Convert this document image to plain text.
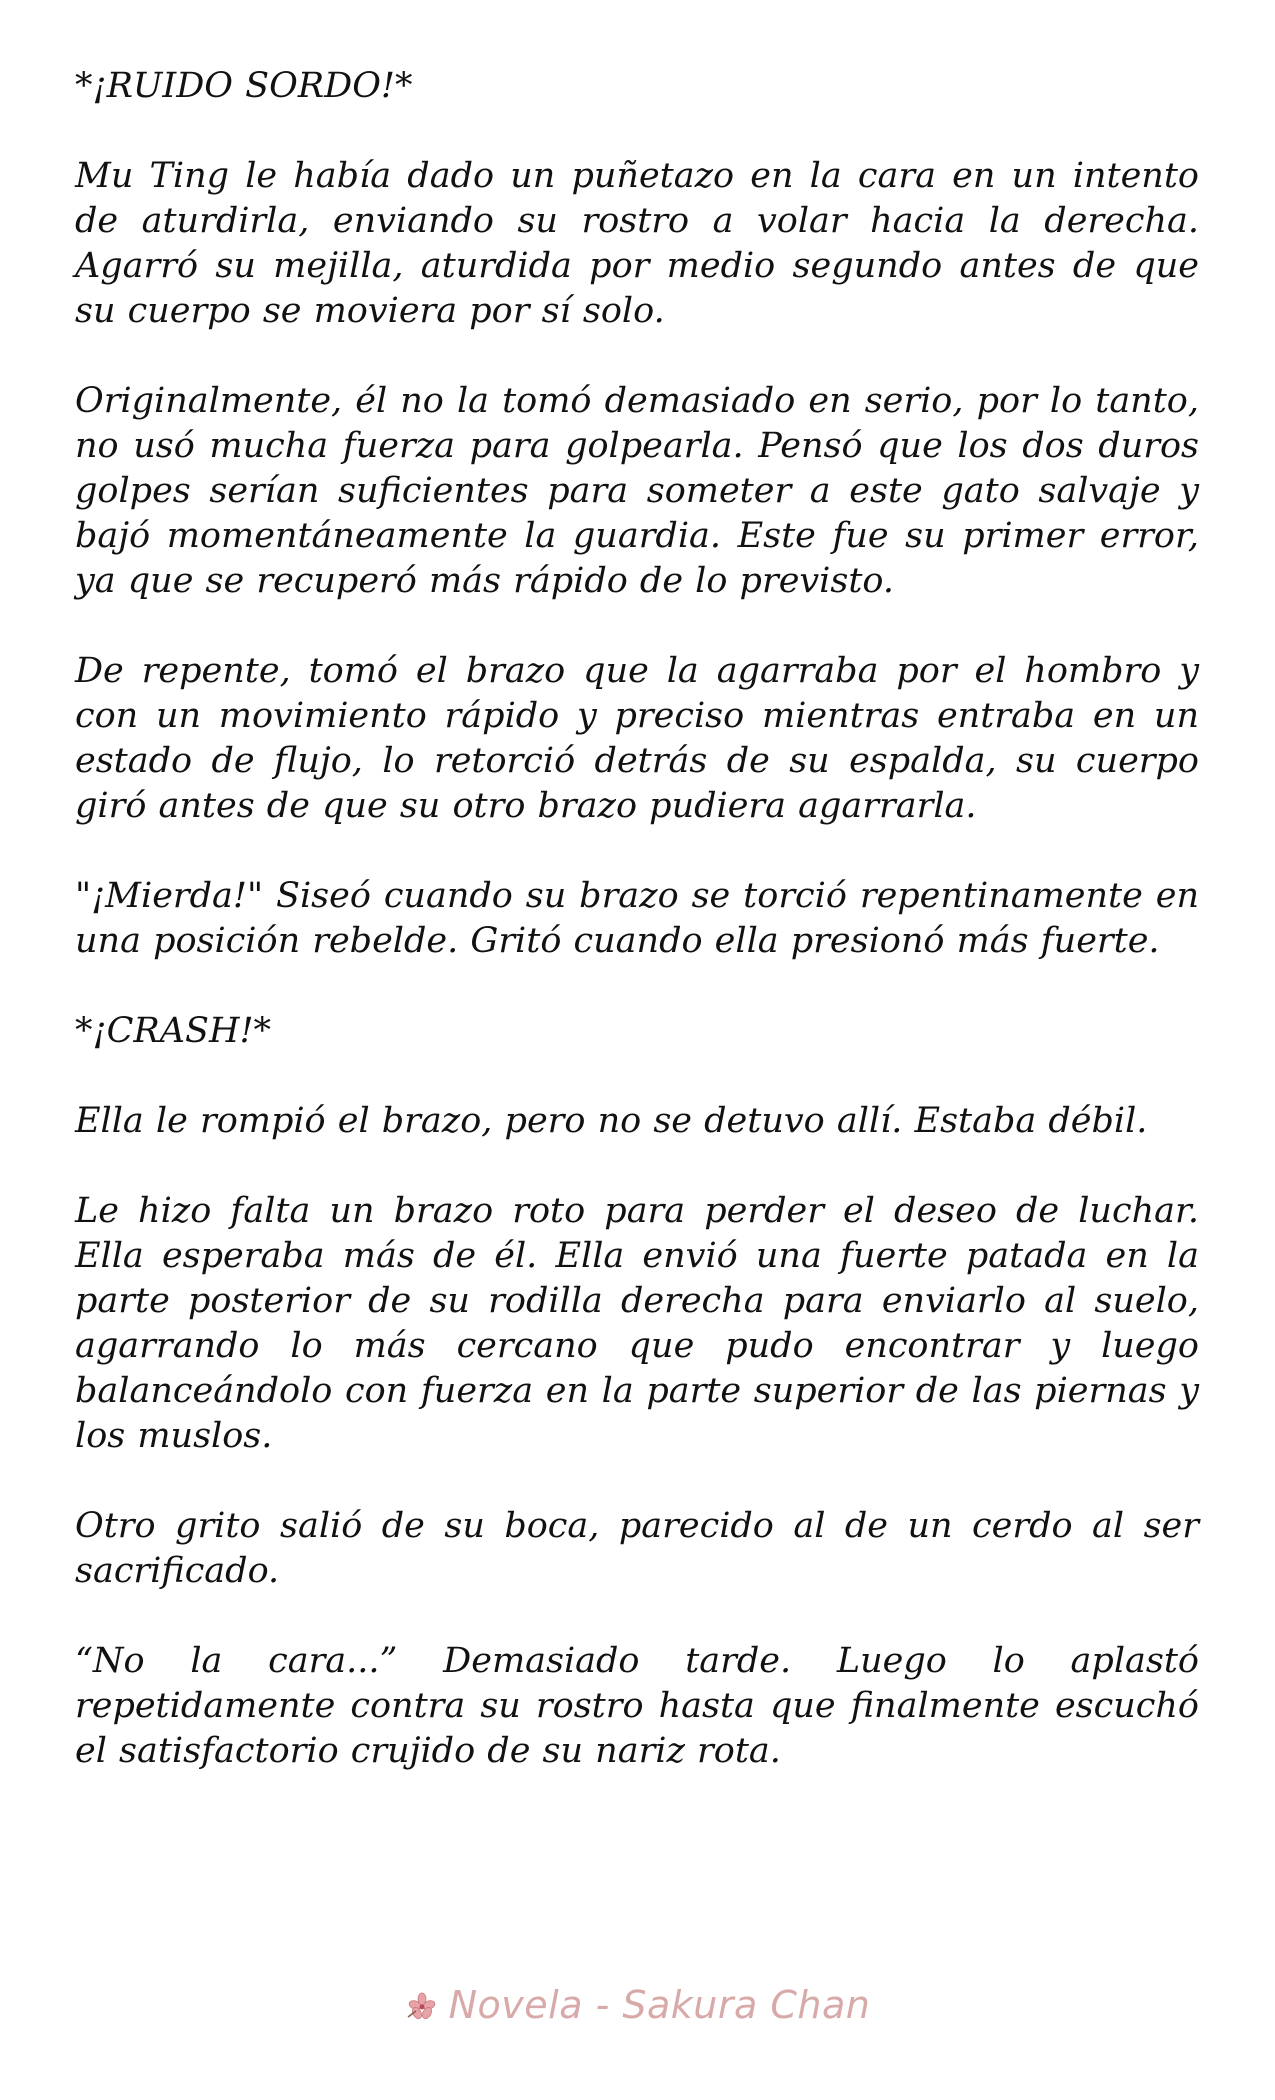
*¡RUIDO SORDO!*

Mu Ting le había dado un puñetazo en la cara en un intento de aturdirla, enviando su rostro a volar hacia la derecha. Agarró su mejilla, aturdida por medio segundo antes de que su cuerpo se moviera por sí solo.

Originalmente, él no la tomó demasiado en serio, por lo tanto, no usó mucha fuerza para golpearla. Pensó que los dos duros golpes serían suficientes para someter a este gato salvaje y bajó momentáneamente la guardia. Este fue su primer error, ya que se recuperó más rápido de lo previsto.

De repente, tomó el brazo que la agarraba por el hombro y con un movimiento rápido y preciso mientras entraba en un estado de flujo, lo retorció detrás de su espalda, su cuerpo giró antes de que su otro brazo pudiera agarrarla.

"¡Mierda!" Siseó cuando su brazo se torció repentinamente en una posición rebelde. Gritó cuando ella presionó más fuerte.

*¡CRASH!*

Ella le rompió el brazo, pero no se detuvo allí. Estaba débil.

Le hizo falta un brazo roto para perder el deseo de luchar. Ella esperaba más de él. Ella envió una fuerte patada en la parte posterior de su rodilla derecha para enviarlo al suelo, agarrando lo más cercano que pudo encontrar y luego balanceándolo con fuerza en la parte superior de las piernas y los muslos.

Otro grito salió de su boca, parecido al de un cerdo al ser sacrificado.

“No la cara...” Demasiado tarde. Luego lo aplastó repetidamente contra su rostro hasta que finalmente escuchó el satisfactorio crujido de su nariz rota.

Novela - Sakura Chan
